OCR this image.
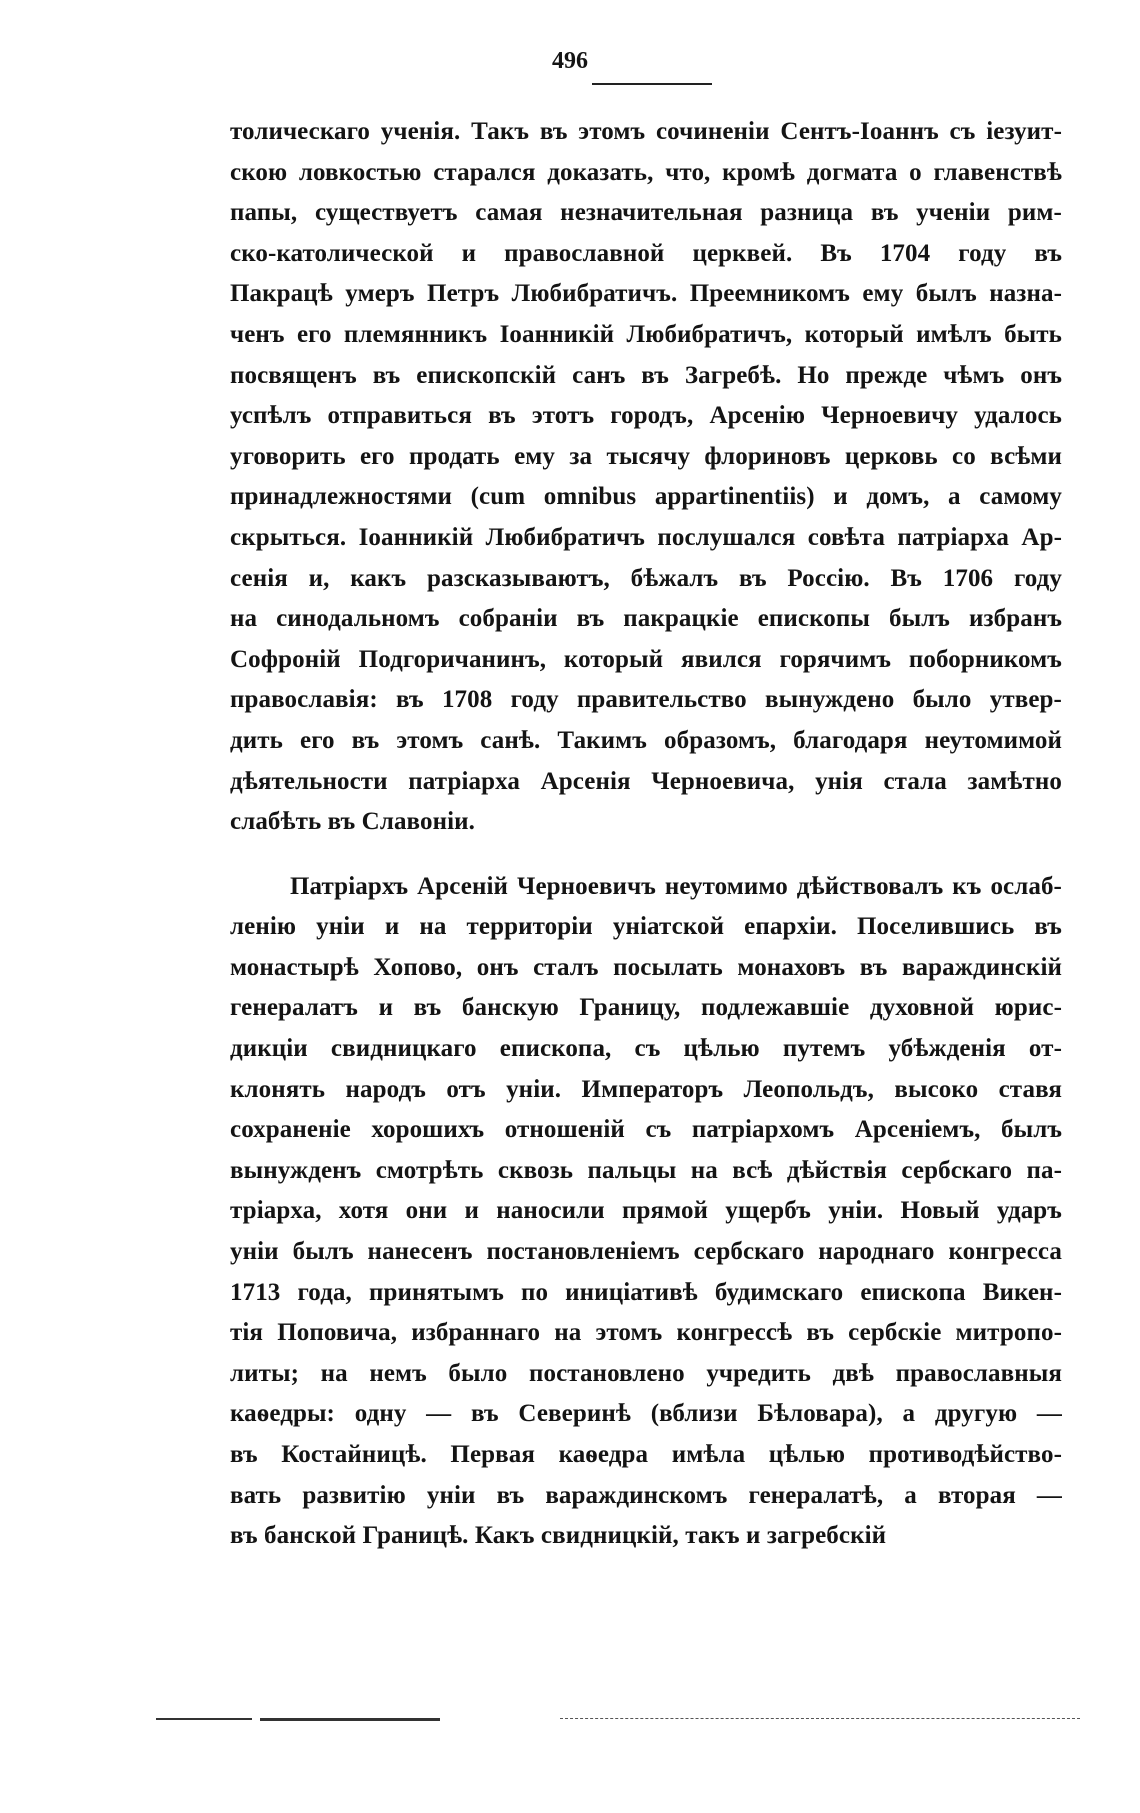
496
толическаго ученія. Такъ въ этомъ сочиненіи Сентъ-Іоаннъ съ іезуит-
скою ловкостью старался доказать, что, кромѣ догмата о главенствѣ
папы, существуетъ самая незначительная разница въ ученіи рим-
ско-католической и православной церквей. Въ 1704 году въ
Пакрацѣ умеръ Петръ Любибратичъ. Преемникомъ ему былъ назна-
ченъ его племянникъ Іоанникій Любибратичъ, который имѣлъ быть
посвященъ въ епископскій санъ въ Загребѣ. Но прежде чѣмъ онъ
успѣлъ отправиться въ этотъ городъ, Арсенію Черноевичу удалось
уговорить его продать ему за тысячу флориновъ церковь со всѣми
принадлежностями (cum omnibus appartinentiis) и домъ, а самому
скрыться. Іоанникій Любибратичъ послушался совѣта патріарха Ар-
сенія и, какъ разсказываютъ, бѣжалъ въ Россію. Въ 1706 году
на синодальномъ собраніи въ пакрацкіе епископы былъ избранъ
Софроній Подгоричанинъ, который явился горячимъ поборникомъ
православія: въ 1708 году правительство вынуждено было утвер-
дить его въ этомъ санѣ. Такимъ образомъ, благодаря неутомимой
дѣятельности патріарха Арсенія Черноевича, унія стала замѣтно
слабѣть въ Славоніи.
Патріархъ Арсеній Черноевичъ неутомимо дѣйствовалъ къ ослаб-
ленію уніи и на территоріи уніатской епархіи. Поселившись въ
монастырѣ Хопово, онъ сталъ посылать монаховъ въ вараждинскій
генералатъ и въ банскую Границу, подлежавшіе духовной юрис-
дикціи свидницкаго епископа, съ цѣлью путемъ убѣжденія от-
клонять народъ отъ уніи. Императоръ Леопольдъ, высоко ставя
сохраненіе хорошихъ отношеній съ патріархомъ Арсеніемъ, былъ
вынужденъ смотрѣть сквозь пальцы на всѣ дѣйствія сербскаго па-
тріарха, хотя они и наносили прямой ущербъ уніи. Новый ударъ
уніи былъ нанесенъ постановленіемъ сербскаго народнаго конгресса
1713 года, принятымъ по иниціативѣ будимскаго епископа Викен-
тія Поповича, избраннаго на этомъ конгрессѣ въ сербскіе митропо-
литы; на немъ было постановлено учредить двѣ православныя
каѳедры: одну — въ Северинѣ (вблизи Бѣловара), а другую —
въ Костайницѣ. Первая каѳедра имѣла цѣлью противодѣйство-
вать развитію уніи въ вараждинскомъ генералатѣ, а вторая —
въ банской Границѣ. Какъ свидницкій, такъ и загребскій
